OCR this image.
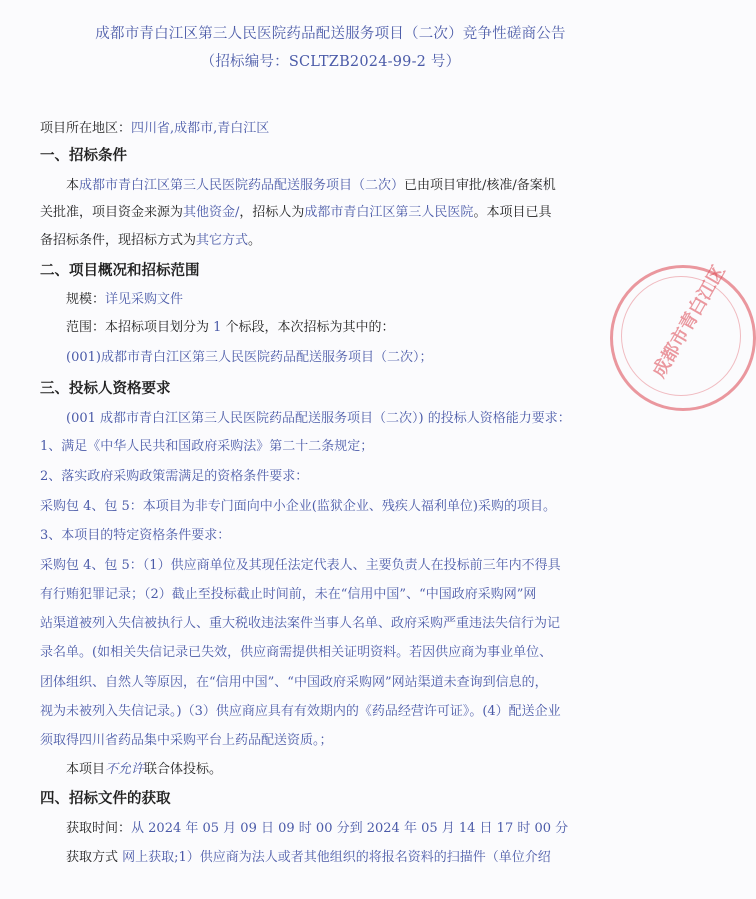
成都市青白江区第三人民医院药品配送服务项目（二次）竞争性磋商公告
（招标编号：SCLTZB2024-99-2 号）
项目所在地区：四川省,成都市,青白江区
一、招标条件
本成都市青白江区第三人民医院药品配送服务项目（二次）已由项目审批/核准/备案机
关批准，项目资金来源为其他资金/，招标人为成都市青白江区第三人民医院。本项目已具
备招标条件，现招标方式为其它方式。
二、项目概况和招标范围
规模：详见采购文件
范围：本招标项目划分为 1 个标段，本次招标为其中的：
(001)成都市青白江区第三人民医院药品配送服务项目（二次）；
三、投标人资格要求
(001 成都市青白江区第三人民医院药品配送服务项目（二次）) 的投标人资格能力要求：
1、满足《中华人民共和国政府采购法》第二十二条规定；
2、落实政府采购政策需满足的资格条件要求：
采购包 4、包 5：本项目为非专门面向中小企业(监狱企业、残疾人福利单位)采购的项目。
3、本项目的特定资格条件要求：
采购包 4、包 5：（1）供应商单位及其现任法定代表人、主要负责人在投标前三年内不得具
有行贿犯罪记录；（2）截止至投标截止时间前，未在“信用中国”、“中国政府采购网”网
站渠道被列入失信被执行人、重大税收违法案件当事人名单、政府采购严重违法失信行为记
录名单。(如相关失信记录已失效，供应商需提供相关证明资料。若因供应商为事业单位、
团体组织、自然人等原因，在“信用中国”、“中国政府采购网”网站渠道未查询到信息的，
视为未被列入失信记录。)（3）供应商应具有有效期内的《药品经营许可证》。(4）配送企业
须取得四川省药品集中采购平台上药品配送资质。；
本项目不允许联合体投标。
四、招标文件的获取
获取时间：从 2024 年 05 月 09 日 09 时 00 分到 2024 年 05 月 14 日 17 时 00 分
获取方式 网上获取;1）供应商为法人或者其他组织的将报名资料的扫描件（单位介绍
成都市青白江区
